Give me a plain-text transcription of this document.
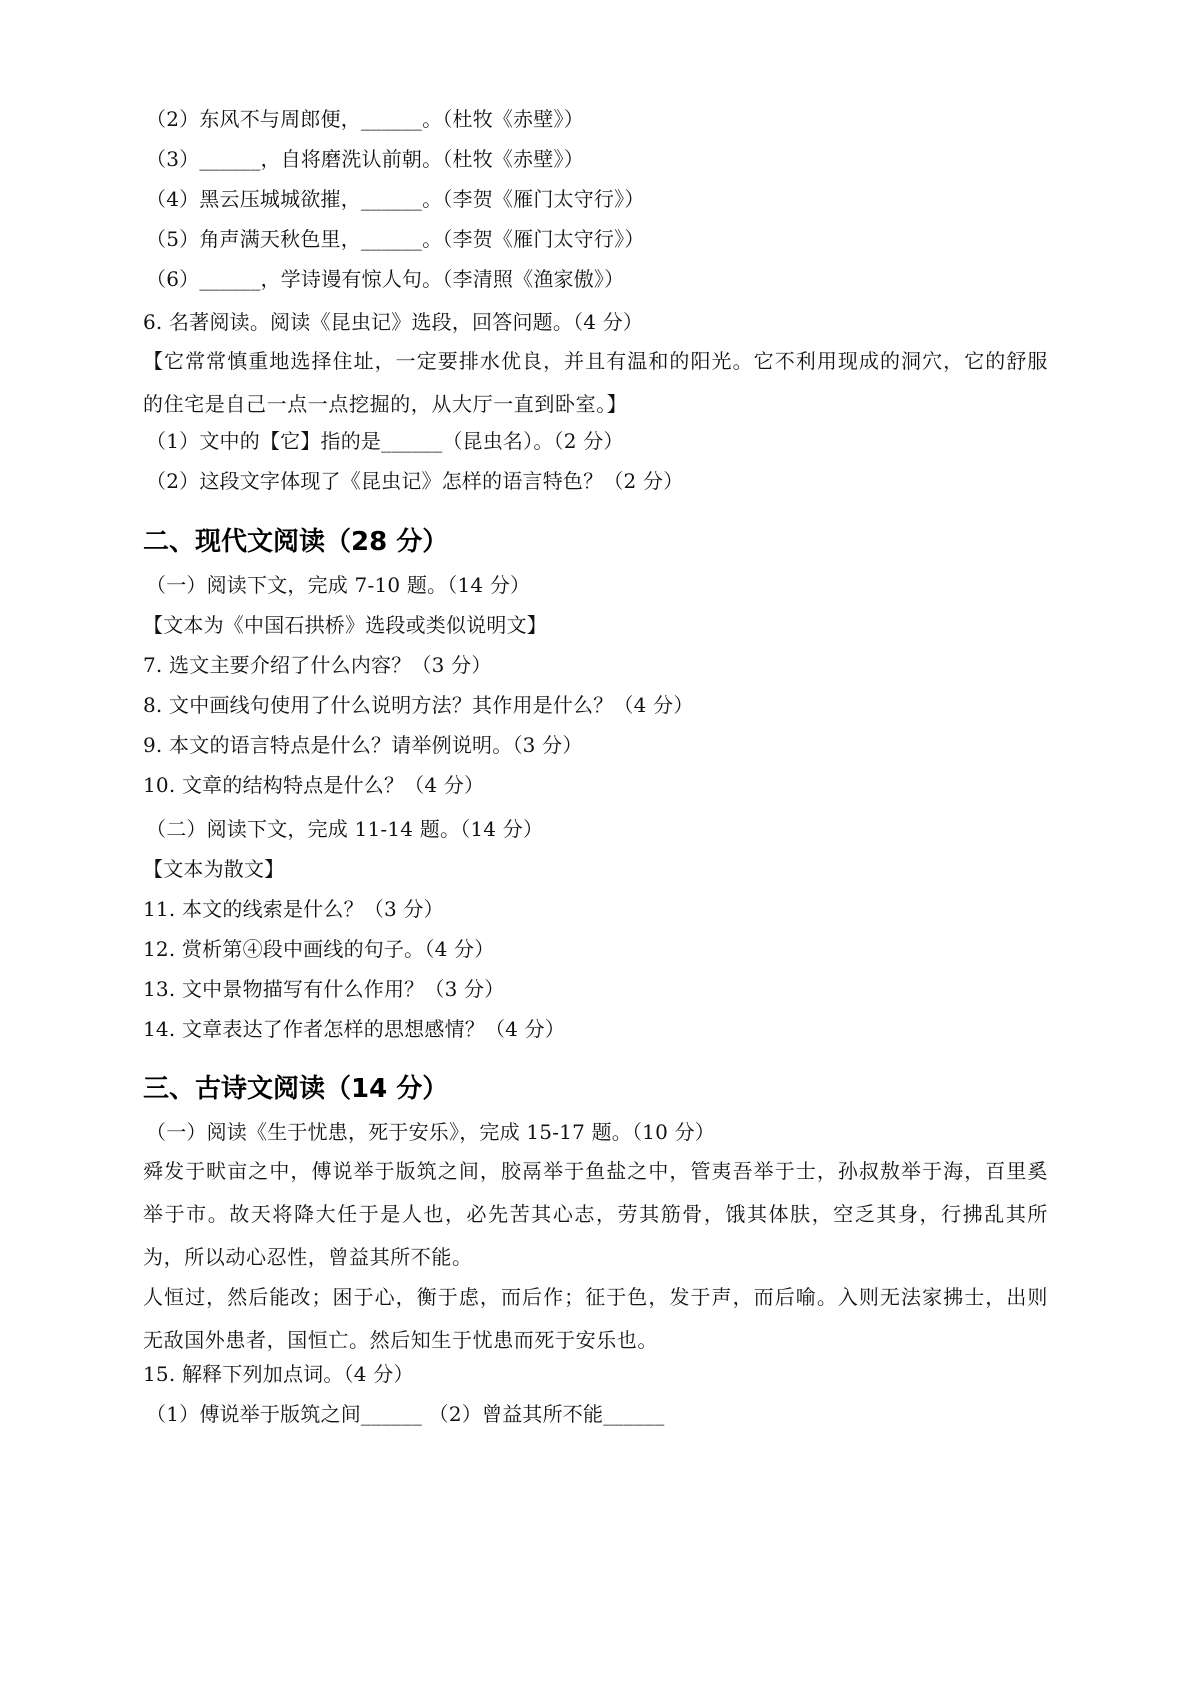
（2）东风不与周郎便，______。（杜牧《赤壁》）
（3）______，自将磨洗认前朝。（杜牧《赤壁》）
（4）黑云压城城欲摧，______。（李贺《雁门太守行》）
（5）角声满天秋色里，______。（李贺《雁门太守行》）
（6）______，学诗谩有惊人句。（李清照《渔家傲》）
6. 名著阅读。阅读《昆虫记》选段，回答问题。（4 分）
【它常常慎重地选择住址，一定要排水优良，并且有温和的阳光。它不利用现成的洞穴，它的舒服的住宅是自己一点一点挖掘的，从大厅一直到卧室。】
（1）文中的【它】指的是______（昆虫名）。（2 分）
（2）这段文字体现了《昆虫记》怎样的语言特色？（2 分）
二、现代文阅读（28 分）
（一）阅读下文，完成 7-10 题。（14 分）
【文本为《中国石拱桥》选段或类似说明文】
7. 选文主要介绍了什么内容？（3 分）
8. 文中画线句使用了什么说明方法？其作用是什么？（4 分）
9. 本文的语言特点是什么？请举例说明。（3 分）
10. 文章的结构特点是什么？（4 分）
（二）阅读下文，完成 11-14 题。（14 分）
【文本为散文】
11. 本文的线索是什么？（3 分）
12. 赏析第④段中画线的句子。（4 分）
13. 文中景物描写有什么作用？（3 分）
14. 文章表达了作者怎样的思想感情？（4 分）
三、古诗文阅读（14 分）
（一）阅读《生于忧患，死于安乐》，完成 15-17 题。（10 分）
舜发于畎亩之中，傅说举于版筑之间，胶鬲举于鱼盐之中，管夷吾举于士，孙叔敖举于海，百里奚举于市。故天将降大任于是人也，必先苦其心志，劳其筋骨，饿其体肤，空乏其身，行拂乱其所为，所以动心忍性，曾益其所不能。
人恒过，然后能改；困于心，衡于虑，而后作；征于色，发于声，而后喻。入则无法家拂士，出则无敌国外患者，国恒亡。然后知生于忧患而死于安乐也。
15. 解释下列加点词。（4 分）
（1）傅说举于版筑之间______ （2）曾益其所不能______
